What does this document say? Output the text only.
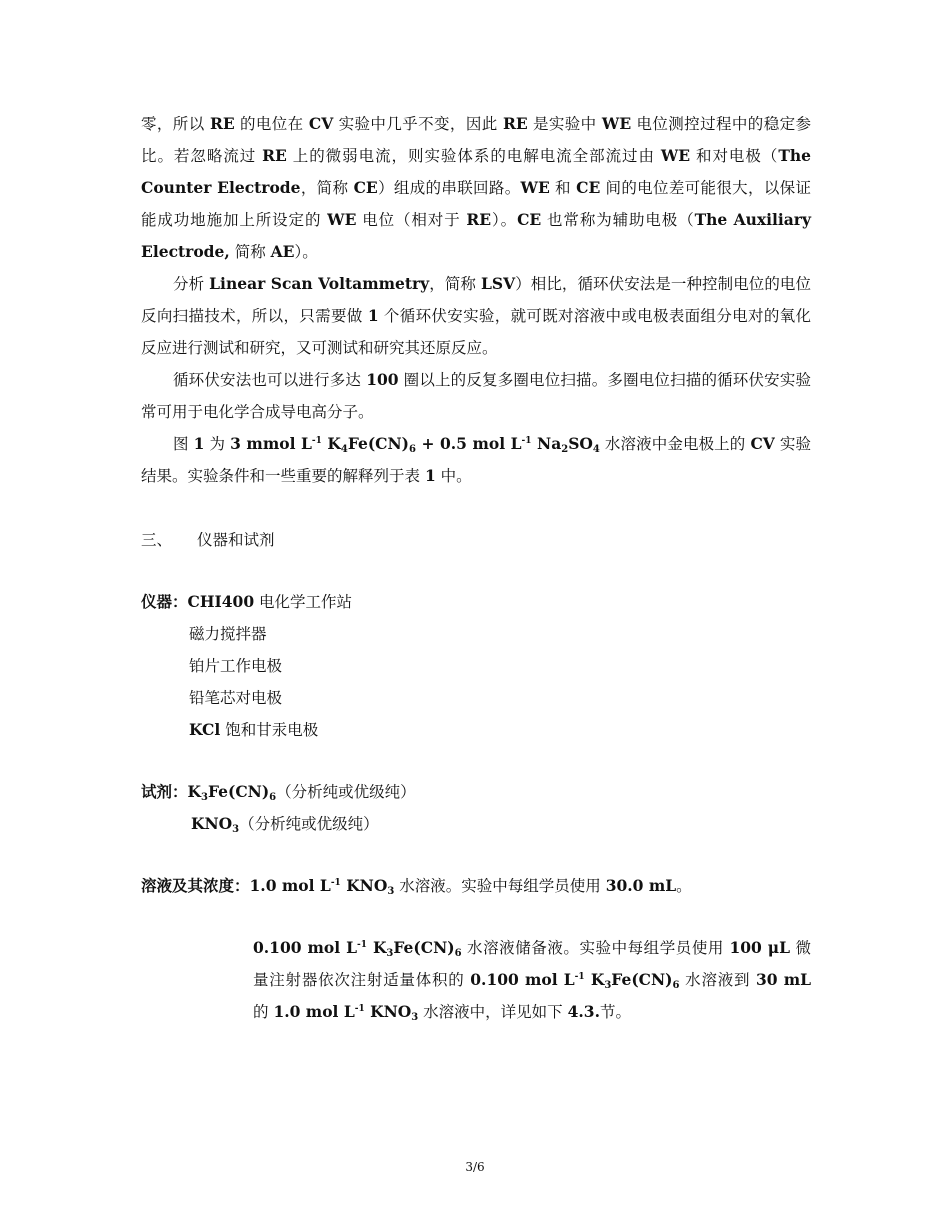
零，所以 RE 的电位在 CV 实验中几乎不变，因此 RE 是实验中 WE 电位测控过程中的稳定参比。若忽略流过 RE 上的微弱电流，则实验体系的电解电流全部流过由 WE 和对电极（The Counter Electrode，简称 CE）组成的串联回路。WE 和 CE 间的电位差可能很大，以保证能成功地施加上所设定的 WE 电位（相对于 RE）。CE 也常称为辅助电极（The Auxiliary Electrode, 简称 AE）。

分析 Linear Scan Voltammetry，简称 LSV）相比，循环伏安法是一种控制电位的电位反向扫描技术，所以，只需要做 1 个循环伏安实验，就可既对溶液中或电极表面组分电对的氧化反应进行测试和研究，又可测试和研究其还原反应。

循环伏安法也可以进行多达 100 圈以上的反复多圈电位扫描。多圈电位扫描的循环伏安实验常可用于电化学合成导电高分子。

图 1 为 3 mmol $L^{-1}$ $K_4Fe(CN)_6 + 0.5$ mol $L^{-1}$ $Na_2SO_4$ 水溶液中金电极上的 CV 实验结果。实验条件和一些重要的解释列于表 1 中。

三、 仪器和试剂
仪器：CHI400 电化学工作站
磁力搅拌器
铂片工作电极
铅笔芯对电极
KCl 饱和甘汞电极
试剂：$K_3Fe(CN)_6$（分析纯或优级纯）
$KNO_3$（分析纯或优级纯）
溶液及其浓度：1.0 mol $L^{-1}$ $KNO_3$ 水溶液。实验中每组学员使用 30.0 mL。

0.100 mol $L^{-1}$ $K_3Fe(CN)_6$ 水溶液储备液。实验中每组学员使用 100 μL 微量注射器依次注射适量体积的 0.100 mol $L^{-1}$ $K_3Fe(CN)_6$ 水溶液到 30 mL 的 1.0 mol $L^{-1}$ $KNO_3$ 水溶液中，详见如下 4.3.节。

3/6
